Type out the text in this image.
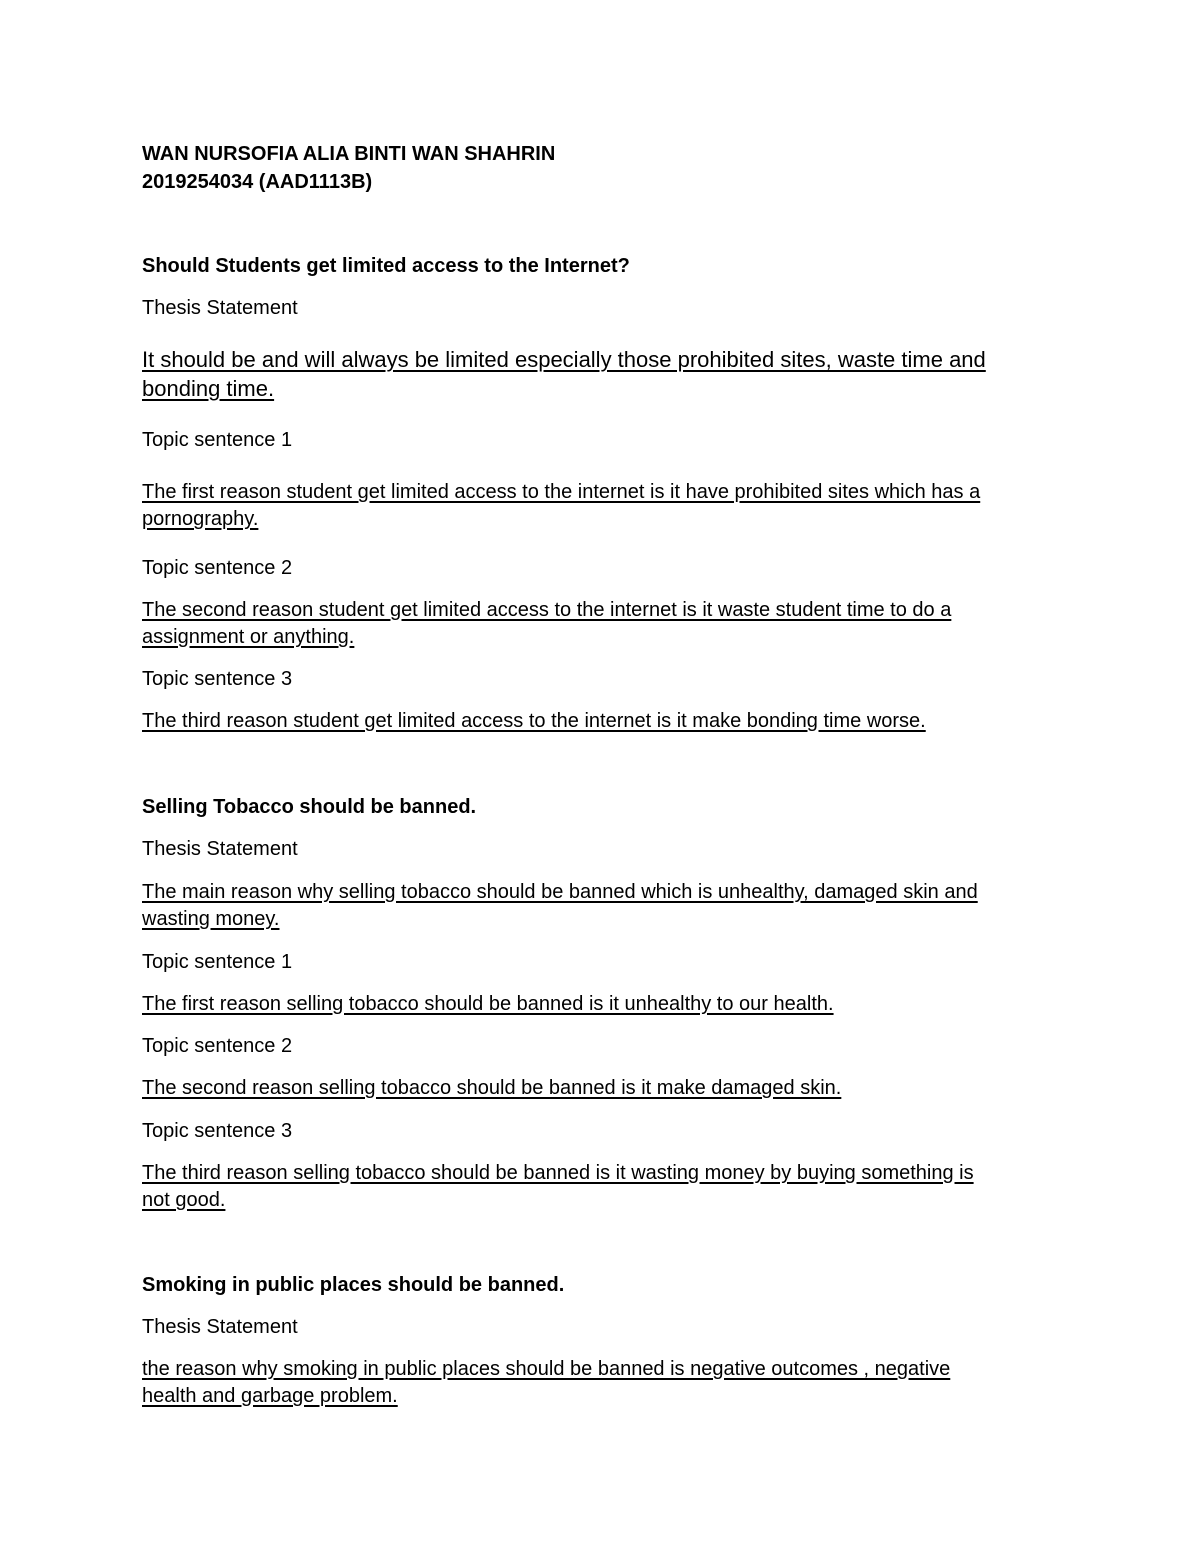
WAN NURSOFIA ALIA BINTI WAN SHAHRIN

2019254034 (AAD1113B)

Should Students get limited access to the Internet?

Thesis Statement

It should be and will always be limited especially those prohibited sites, waste time and

bonding time.

Topic sentence 1

The first reason student get limited access to the internet is it have prohibited sites which has a

pornography.

Topic sentence 2

The second reason student get limited access to the internet is it waste student time to do a

assignment or anything.

Topic sentence 3

The third reason student get limited access to the internet is it make bonding time worse.

Selling Tobacco should be banned.

Thesis Statement

The main reason why selling tobacco should be banned which is unhealthy, damaged skin and

wasting money.

Topic sentence 1

The first reason selling tobacco should be banned is it unhealthy to our health.

Topic sentence 2

The second reason selling tobacco should be banned is it make damaged skin.

Topic sentence 3

The third reason selling tobacco should be banned is it wasting money by buying something is

not good.

Smoking in public places should be banned.

Thesis Statement

the reason why smoking in public places should be banned is negative outcomes , negative

health and garbage problem.
